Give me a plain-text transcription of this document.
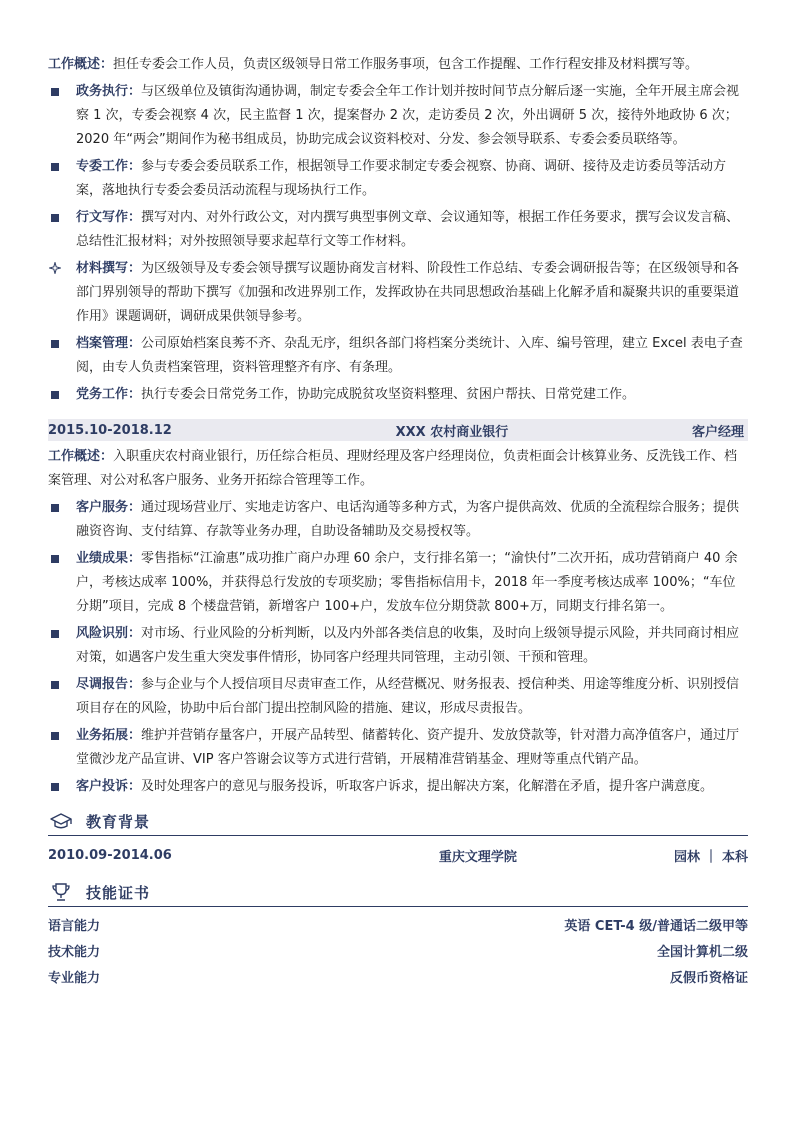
工作概述：担任专委会工作人员，负责区级领导日常工作服务事项，包含工作提醒、工作行程安排及材料撰写等。

政务执行：与区级单位及镇街沟通协调，制定专委会全年工作计划并按时间节点分解后逐一实施，全年开展主席会视察 1 次，专委会视察 4 次，民主监督 1 次，提案督办 2 次，走访委员 2 次，外出调研 5 次，接待外地政协 6 次；2020 年“两会”期间作为秘书组成员，协助完成会议资料校对、分发、参会领导联系、专委会委员联络等。
专委工作：参与专委会委员联系工作，根据领导工作要求制定专委会视察、协商、调研、接待及走访委员等活动方案，落地执行专委会委员活动流程与现场执行工作。
行文写作：撰写对内、对外行政公文，对内撰写典型事例文章、会议通知等，根据工作任务要求，撰写会议发言稿、总结性汇报材料；对外按照领导要求起草行文等工作材料。
材料撰写：为区级领导及专委会领导撰写议题协商发言材料、阶段性工作总结、专委会调研报告等；在区级领导和各部门界别领导的帮助下撰写《加强和改进界别工作，发挥政协在共同思想政治基础上化解矛盾和凝聚共识的重要渠道作用》课题调研，调研成果供领导参考。
档案管理：公司原始档案良莠不齐、杂乱无序，组织各部门将档案分类统计、入库、编号管理，建立 Excel 表电子查阅，由专人负责档案管理，资料管理整齐有序、有条理。
党务工作：执行专委会日常党务工作，协助完成脱贫攻坚资料整理、贫困户帮扶、日常党建工作。
2015.10-2018.12	XXX 农村商业银行	客户经理

工作概述：入职重庆农村商业银行，历任综合柜员、理财经理及客户经理岗位，负责柜面会计核算业务、反洗钱工作、档案管理、对公对私客户服务、业务开拓综合管理等工作。

客户服务：通过现场营业厅、实地走访客户、电话沟通等多种方式，为客户提供高效、优质的全流程综合服务；提供融资咨询、支付结算、存款等业务办理，自助设备辅助及交易授权等。
业绩成果：零售指标“江渝惠”成功推广商户办理 60 余户，支行排名第一；“渝快付”二次开拓，成功营销商户 40 余户，考核达成率 100%，并获得总行发放的专项奖励；零售指标信用卡，2018 年一季度考核达成率 100%；“车位分期”项目，完成 8 个楼盘营销，新增客户 100+户，发放车位分期贷款 800+万，同期支行排名第一。
风险识别：对市场、行业风险的分析判断，以及内外部各类信息的收集，及时向上级领导提示风险，并共同商讨相应对策，如遇客户发生重大突发事件情形，协同客户经理共同管理，主动引领、干预和管理。
尽调报告：参与企业与个人授信项目尽责审查工作，从经营概况、财务报表、授信种类、用途等维度分析、识别授信项目存在的风险，协助中后台部门提出控制风险的措施、建议，形成尽责报告。
业务拓展：维护并营销存量客户，开展产品转型、储蓄转化、资产提升、发放贷款等，针对潜力高净值客户，通过厅堂微沙龙产品宣讲、VIP 客户答谢会议等方式进行营销，开展精准营销基金、理财等重点代销产品。
客户投诉：及时处理客户的意见与服务投诉，听取客户诉求，提出解决方案，化解潜在矛盾，提升客户满意度。
教育背景
2010.09-2014.06	重庆文理学院	园林 ｜ 本科
技能证书
语言能力	英语 CET-4 级/普通话二级甲等
技术能力	全国计算机二级
专业能力	反假币资格证
